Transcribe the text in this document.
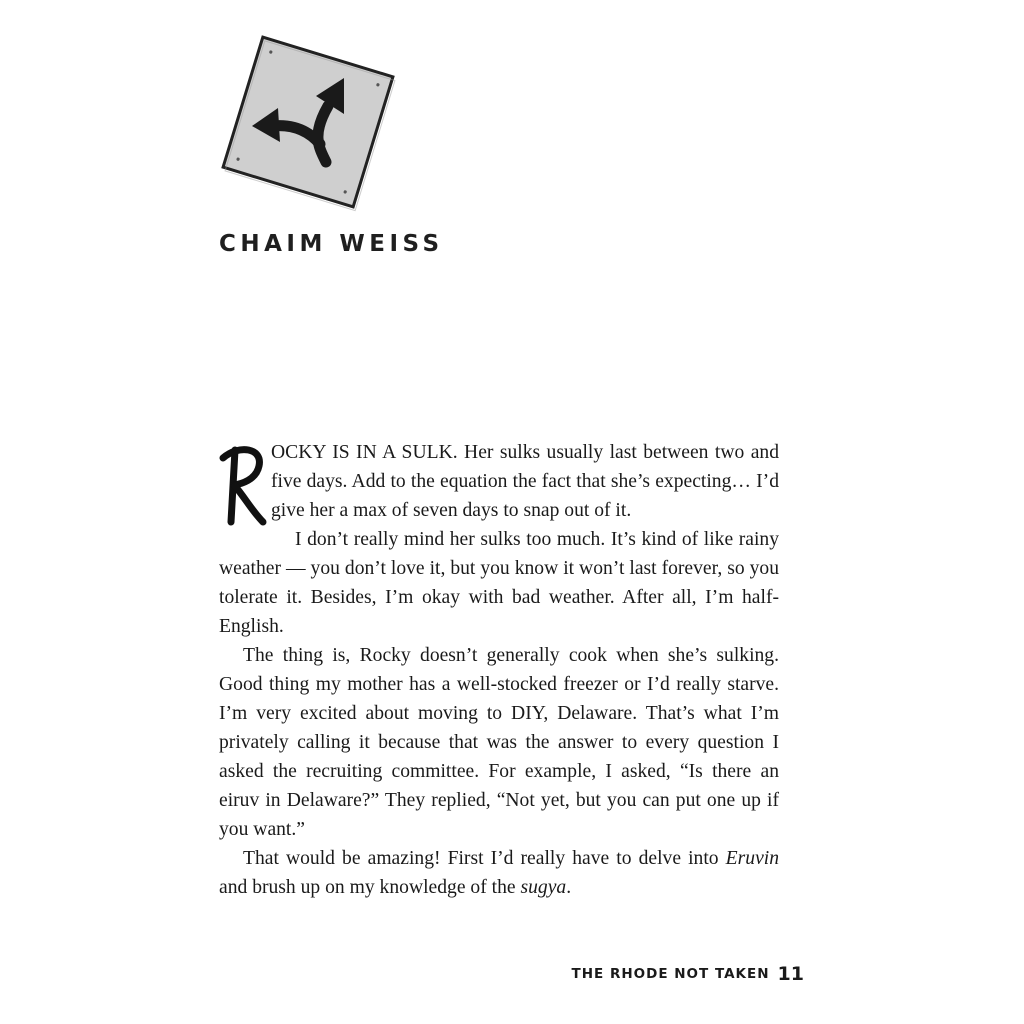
CHAIM WEISS

OCKY IS IN A SULK. Her sulks usually last between two and five days. Add to the equation the fact that she’s expecting… I’d give her a max of seven days to snap out of it.

I don’t really mind her sulks too much. It’s kind of like rainy weather — you don’t love it, but you know it won’t last forever, so you tolerate it. Besides, I’m okay with bad weather. After all, I’m half-English.

The thing is, Rocky doesn’t generally cook when she’s sulking. Good thing my mother has a well-stocked freezer or I’d really starve. I’m very excited about moving to DIY, Delaware. That’s what I’m privately calling it because that was the answer to every question I asked the recruiting committee. For example, I asked, “Is there an eiruv in Delaware?” They replied, “Not yet, but you can put one up if you want.”

That would be amazing! First I’d really have to delve into Eruvin and brush up on my knowledge of the sugya.

THE RHODE NOT TAKEN 11
